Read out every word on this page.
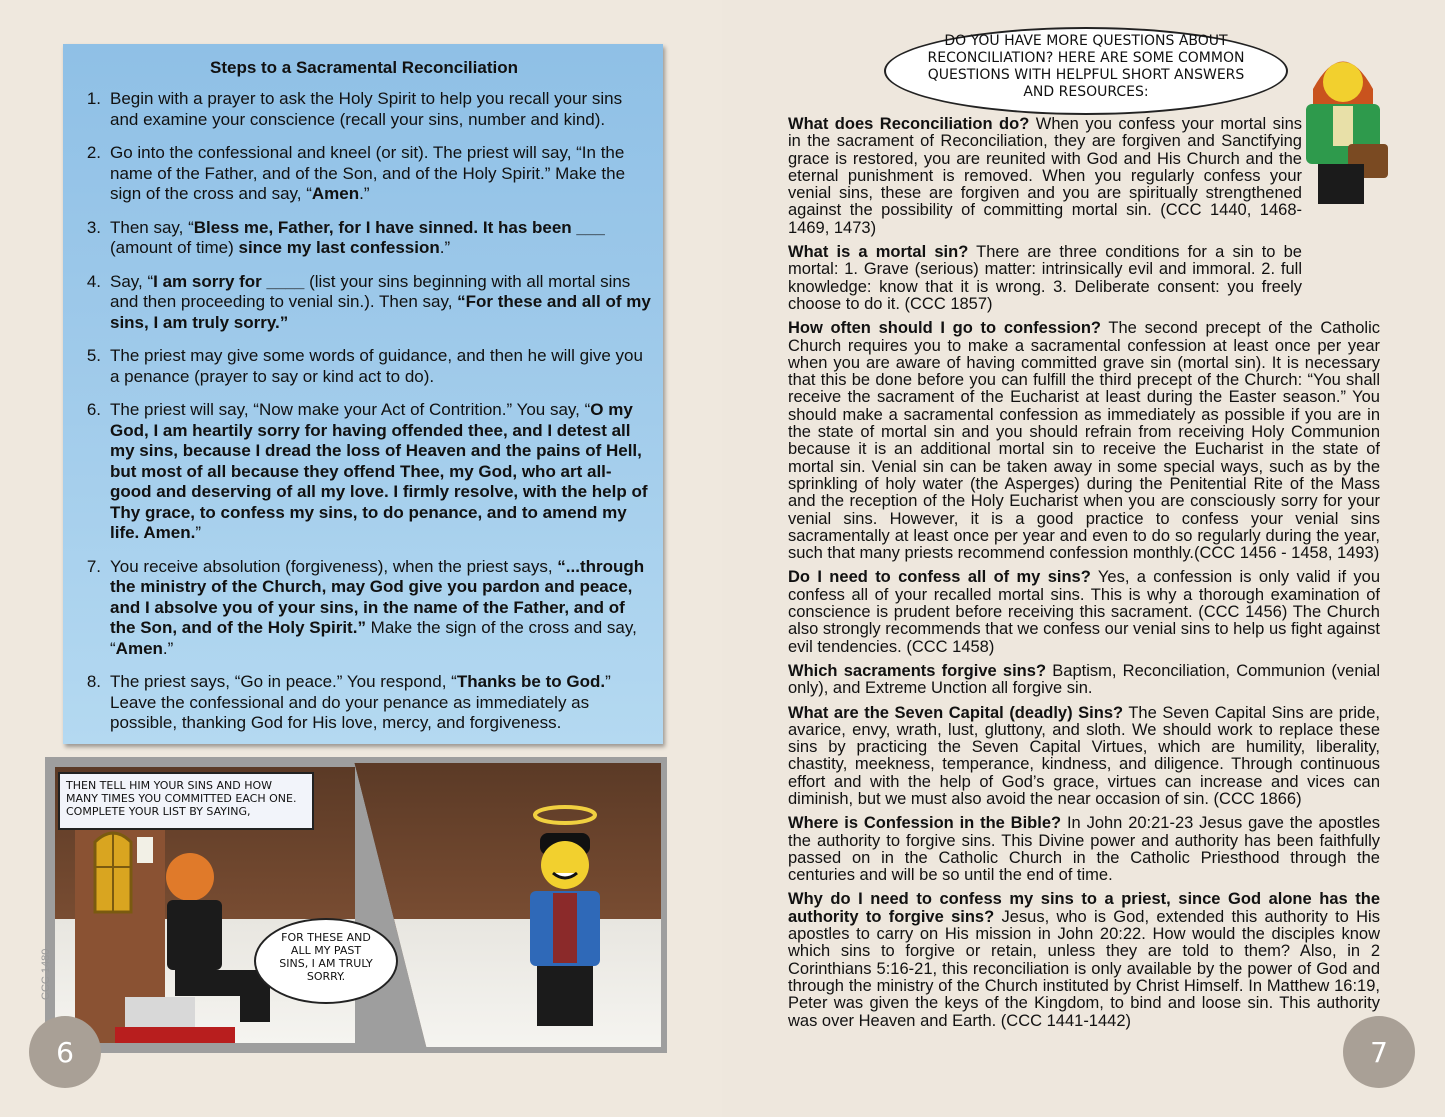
Steps to a Sacramental Reconciliation
1. Begin with a prayer to ask the Holy Spirit to help you recall your sins and examine your conscience (recall your sins, number and kind).
2. Go into the confessional and kneel (or sit). The priest will say, “In the name of the Father, and of the Son, and of the Holy Spirit.” Make the sign of the cross and say, “Amen.”
3. Then say, “Bless me, Father, for I have sinned. It has been ___ (amount of time) since my last confession.”
4. Say, “I am sorry for ____ (list your sins beginning with all mortal sins and then proceeding to venial sin.). Then say, “For these and all of my sins, I am truly sorry.”
5. The priest may give some words of guidance, and then he will give you a penance (prayer to say or kind act to do).
6. The priest will say, “Now make your Act of Contrition.” You say, “O my God, I am heartily sorry for having offended thee, and I detest all my sins, because I dread the loss of Heaven and the pains of Hell, but most of all because they offend Thee, my God, who art all-good and deserving of all my love. I firmly resolve, with the help of Thy grace, to confess my sins, to do penance, and to amend my life. Amen.”
7. You receive absolution (forgiveness), when the priest says, “...through the ministry of the Church, may God give you pardon and peace, and I absolve you of your sins, in the name of the Father, and of the Son, and of the Holy Spirit.” Make the sign of the cross and say, “Amen.”
8. The priest says, “Go in peace.” You respond, “Thanks be to God.” Leave the confessional and do your penance as immediately as possible, thanking God for His love, mercy, and forgiveness.
THEN TELL HIM YOUR SINS AND HOW MANY TIMES YOU COMMITTED EACH ONE. COMPLETE YOUR LIST BY SAYING,
FOR THESE AND ALL MY PAST SINS, I AM TRULY SORRY.
CCC 1480
6
DO YOU HAVE MORE QUESTIONS ABOUT RECONCILIATION? HERE ARE SOME COMMON QUESTIONS WITH HELPFUL SHORT ANSWERS AND RESOURCES:
What does Reconciliation do? When you confess your mortal sins in the sacrament of Reconciliation, they are forgiven and Sanctifying grace is restored, you are reunited with God and His Church and the eternal punishment is removed. When you regularly confess your venial sins, these are forgiven and you are spiritually strengthened against the possibility of committing mortal sin. (CCC 1440, 1468-1469, 1473)
What is a mortal sin? There are three conditions for a sin to be mortal: 1. Grave (serious) matter: intrinsically evil and immoral. 2. full knowledge: know that it is wrong. 3. Deliberate consent: you freely choose to do it. (CCC 1857)
How often should I go to confession? The second precept of the Catholic Church requires you to make a sacramental confession at least once per year when you are aware of having committed grave sin (mortal sin). It is necessary that this be done before you can fulfill the third precept of the Church: “You shall receive the sacrament of the Eucharist at least during the Easter season.” You should make a sacramental confession as immediately as possible if you are in the state of mortal sin and you should refrain from receiving Holy Communion because it is an additional mortal sin to receive the Eucharist in the state of mortal sin. Venial sin can be taken away in some special ways, such as by the sprinkling of holy water (the Asperges) during the Penitential Rite of the Mass and the reception of the Holy Eucharist when you are consciously sorry for your venial sins. However, it is a good practice to confess your venial sins sacramentally at least once per year and even to do so regularly during the year, such that many priests recommend confession monthly.(CCC 1456 - 1458, 1493)
Do I need to confess all of my sins? Yes, a confession is only valid if you confess all of your recalled mortal sins. This is why a thorough examination of conscience is prudent before receiving this sacrament. (CCC 1456) The Church also strongly recommends that we confess our venial sins to help us fight against evil tendencies. (CCC 1458)
Which sacraments forgive sins? Baptism, Reconciliation, Communion (venial only), and Extreme Unction all forgive sin.
What are the Seven Capital (deadly) Sins? The Seven Capital Sins are pride, avarice, envy, wrath, lust, gluttony, and sloth. We should work to replace these sins by practicing the Seven Capital Virtues, which are humility, liberality, chastity, meekness, temperance, kindness, and diligence. Through continuous effort and with the help of God’s grace, virtues can increase and vices can diminish, but we must also avoid the near occasion of sin. (CCC 1866)
Where is Confession in the Bible? In John 20:21-23 Jesus gave the apostles the authority to forgive sins. This Divine power and authority has been faithfully passed on in the Catholic Church in the Catholic Priesthood through the centuries and will be so until the end of time.
Why do I need to confess my sins to a priest, since God alone has the authority to forgive sins? Jesus, who is God, extended this authority to His apostles to carry on His mission in John 20:22. How would the disciples know which sins to forgive or retain, unless they are told to them? Also, in 2 Corinthians 5:16-21, this reconciliation is only available by the power of God and through the ministry of the Church instituted by Christ Himself. In Matthew 16:19, Peter was given the keys of the Kingdom, to bind and loose sin. This authority was over Heaven and Earth. (CCC 1441-1442)
7
